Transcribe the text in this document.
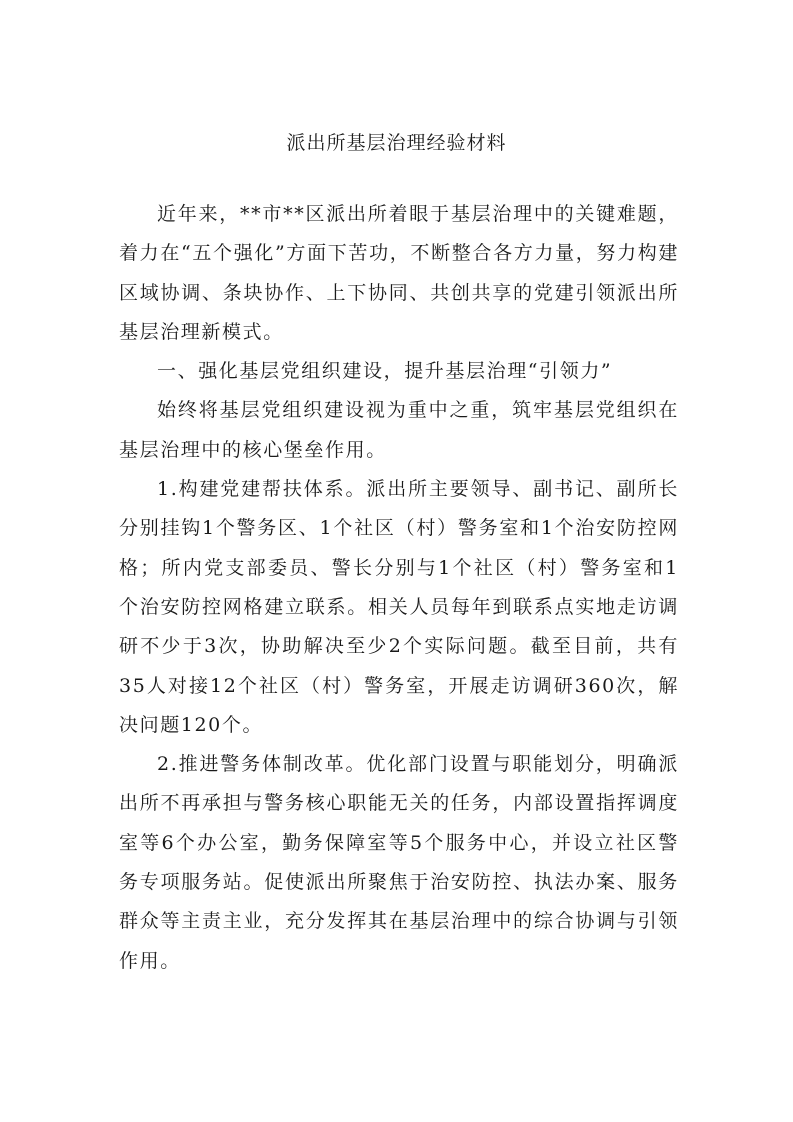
派出所基层治理经验材料

近年来，**市**区派出所着眼于基层治理中的关键难题，着力在“五个强化”方面下苦功，不断整合各方力量，努力构建区域协调、条块协作、上下协同、共创共享的党建引领派出所基层治理新模式。

一、强化基层党组织建设，提升基层治理“引领力”

始终将基层党组织建设视为重中之重，筑牢基层党组织在基层治理中的核心堡垒作用。

1.构建党建帮扶体系。派出所主要领导、副书记、副所长分别挂钩1个警务区、1个社区（村）警务室和1个治安防控网格；所内党支部委员、警长分别与1个社区（村）警务室和1个治安防控网格建立联系。相关人员每年到联系点实地走访调研不少于3次，协助解决至少2个实际问题。截至目前，共有35人对接12个社区（村）警务室，开展走访调研360次，解决问题120个。

2.推进警务体制改革。优化部门设置与职能划分，明确派出所不再承担与警务核心职能无关的任务，内部设置指挥调度室等6个办公室，勤务保障室等5个服务中心，并设立社区警务专项服务站。促使派出所聚焦于治安防控、执法办案、服务群众等主责主业，充分发挥其在基层治理中的综合协调与引领作用。
